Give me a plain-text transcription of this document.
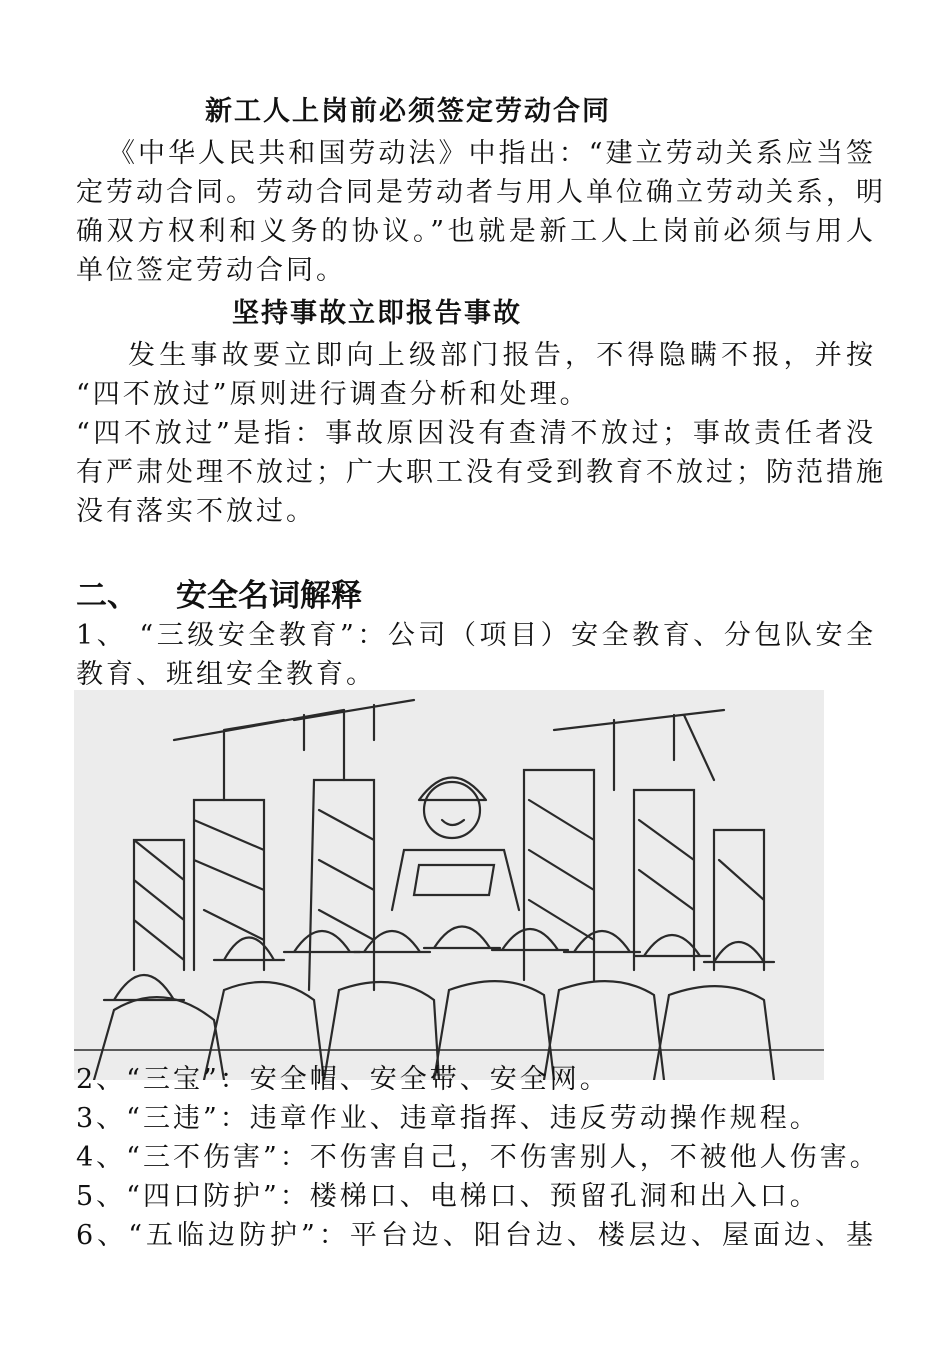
新工人上岗前必须签定劳动合同
《中华人民共和国劳动法》中指出：“建立劳动关系应当签
定劳动合同。劳动合同是劳动者与用人单位确立劳动关系，明
确双方权利和义务的协议。”也就是新工人上岗前必须与用人
单位签定劳动合同。
坚持事故立即报告事故
发生事故要立即向上级部门报告，不得隐瞒不报，并按
“四不放过”原则进行调查分析和处理。
“四不放过”是指：事故原因没有查清不放过；事故责任者没
有严肃处理不放过；广大职工没有受到教育不放过；防范措施
没有落实不放过。
二、 安全名词解释
1、 “三级安全教育”：公司（项目）安全教育、分包队安全
教育、班组安全教育。
2、“三宝”：安全帽、安全带、安全网。
3、“三违”：违章作业、违章指挥、违反劳动操作规程。
4、“三不伤害”：不伤害自己，不伤害别人，不被他人伤害。
5、“四口防护”：楼梯口、电梯口、预留孔洞和出入口。
6、“五临边防护”：平台边、阳台边、楼层边、屋面边、基
